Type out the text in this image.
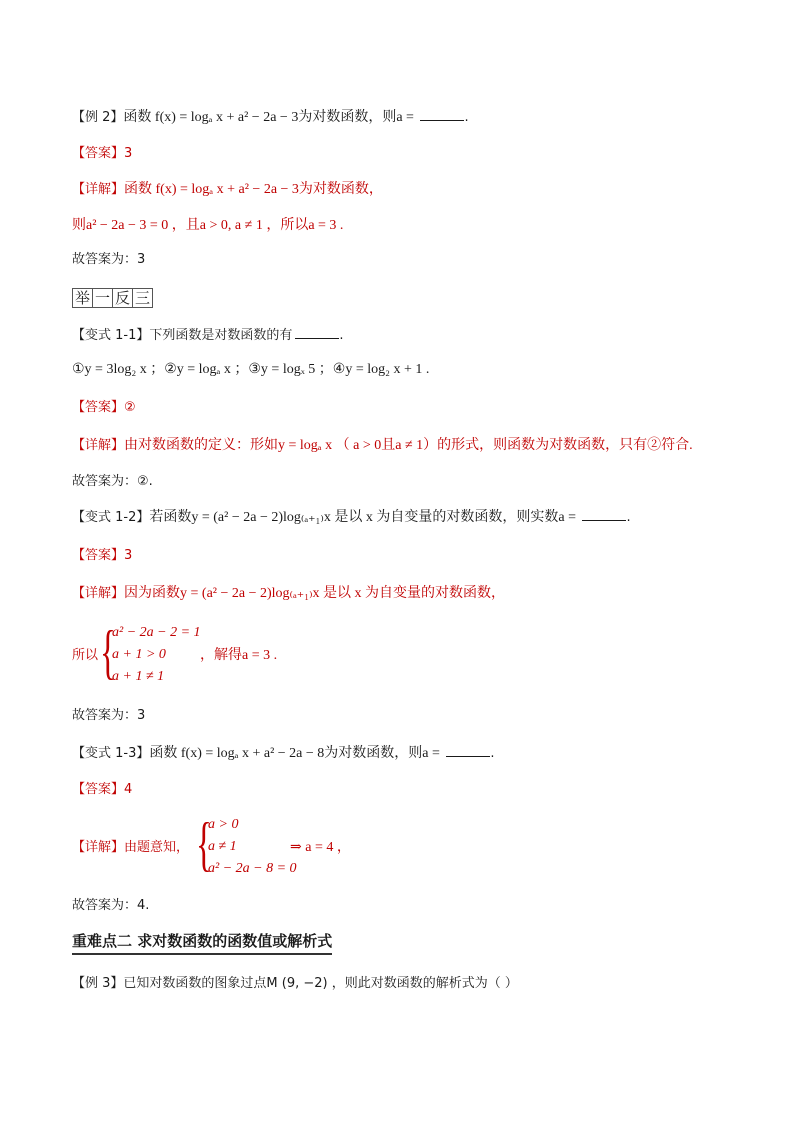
【例 2】函数 f(x) = logₐ x + a² − 2a − 3为对数函数，则a =	.
【答案】3
【详解】函数 f(x) = logₐ x + a² − 2a − 3为对数函数，
则a² − 2a − 3 = 0 ，且a > 0, a ≠ 1 ，所以a = 3 .
故答案为：3
举 一 反 三
【变式 1-1】下列函数是对数函数的有	.
①y = 3log₂ x ；②y = logₐ x ；③y = logₓ 5 ；④y = log₂ x + 1 .
【答案】②
【详解】由对数函数的定义：形如y = logₐ x （ a > 0且a ≠ 1）的形式，则函数为对数函数，只有②符合.
故答案为：②.
【变式 1-2】若函数y = (a² − 2a − 2)log₍ₐ₊₁₎x 是以 x 为自变量的对数函数，则实数a =	.
【答案】3
【详解】因为函数y = (a² − 2a − 2)log₍ₐ₊₁₎x 是以 x 为自变量的对数函数，
所以 {
a² − 2a − 2 = 1
a + 1 > 0
a + 1 ≠ 1
，解得a = 3 .
故答案为：3
【变式 1-3】函数 f(x) = logₐ x + a² − 2a − 8为对数函数，则a =	.
【答案】4
【详解】由题意知， {
a > 0
a ≠ 1
a² − 2a − 8 = 0
⇒ a = 4 ，
故答案为：4.
重难点二 求对数函数的函数值或解析式
【例 3】已知对数函数的图象过点M (9, −2) ，则此对数函数的解析式为（ ）
